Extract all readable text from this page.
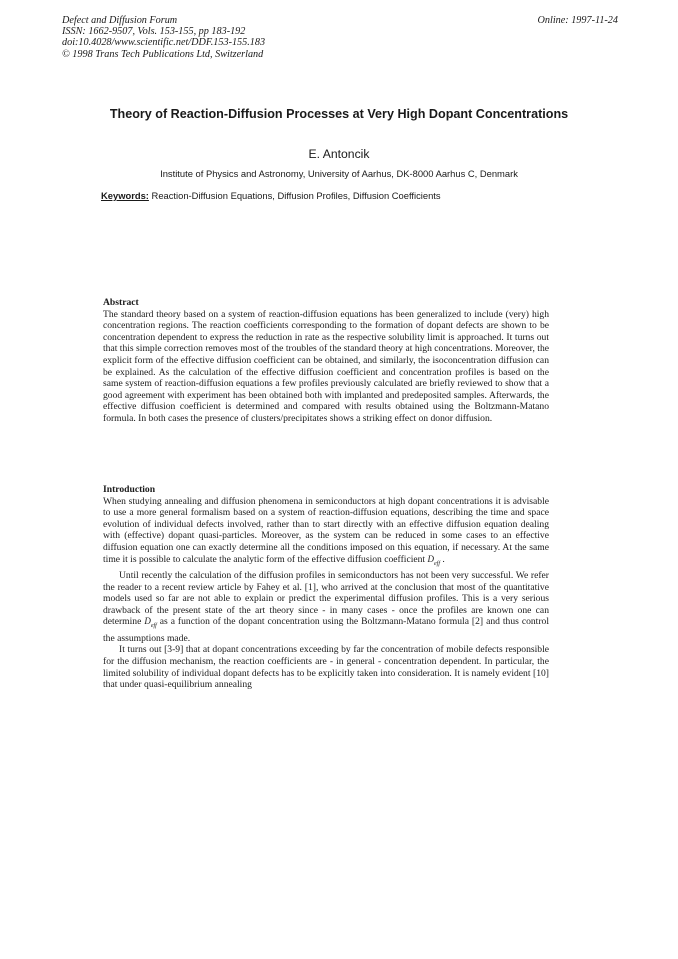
Defect and Diffusion Forum
ISSN: 1662-9507, Vols. 153-155, pp 183-192
doi:10.4028/www.scientific.net/DDF.153-155.183
© 1998 Trans Tech Publications Ltd, Switzerland
Online: 1997-11-24
Theory of Reaction-Diffusion Processes at Very High Dopant Concentrations
E. Antoncik
Institute of Physics and Astronomy, University of Aarhus, DK-8000 Aarhus C, Denmark
Keywords: Reaction-Diffusion Equations, Diffusion Profiles, Diffusion Coefficients
Abstract

The standard theory based on a system of reaction-diffusion equations has been generalized to include (very) high concentration regions. The reaction coefficients corresponding to the formation of dopant defects are shown to be concentration dependent to express the reduction in rate as the respective solubility limit is approached. It turns out that this simple correction removes most of the troubles of the standard theory at high concentrations. Moreover, the explicit form of the effective diffusion coefficient can be obtained, and similarly, the isoconcentration diffusion can be explained. As the calculation of the effective diffusion coefficient and concentration profiles is based on the same system of reaction-diffusion equations a few profiles previously calculated are briefly reviewed to show that a good agreement with experiment has been obtained both with implanted and predeposited samples. Afterwards, the effective diffusion coefficient is determined and compared with results obtained using the Boltzmann-Matano formula. In both cases the presence of clusters/precipitates shows a striking effect on donor diffusion.

Introduction

When studying annealing and diffusion phenomena in semiconductors at high dopant concentrations it is advisable to use a more general formalism based on a system of reaction-diffusion equations, describing the time and space evolution of individual defects involved, rather than to start directly with an effective diffusion equation dealing with (effective) dopant quasi-particles. Moreover, as the system can be reduced in some cases to an effective diffusion equation one can exactly determine all the conditions imposed on this equation, if necessary. At the same time it is possible to calculate the analytic form of the effective diffusion coefficient $D_{eff}$ .

Until recently the calculation of the diffusion profiles in semiconductors has not been very successful. We refer the reader to a recent review article by Fahey et al. [1], who arrived at the conclusion that most of the quantitative models used so far are not able to explain or predict the experimental diffusion profiles. This is a very serious drawback of the present state of the art theory since - in many cases - once the profiles are known one can determine $D_{eff}$ as a function of the dopant concentration using the Boltzmann-Matano formula [2] and thus control the assumptions made.

It turns out [3-9] that at dopant concentrations exceeding by far the concentration of mobile defects responsible for the diffusion mechanism, the reaction coefficients are - in general - concentration dependent. In particular, the limited solubility of individual dopant defects has to be explicitly taken into consideration. It is namely evident [10] that under quasi-equilibrium annealing
